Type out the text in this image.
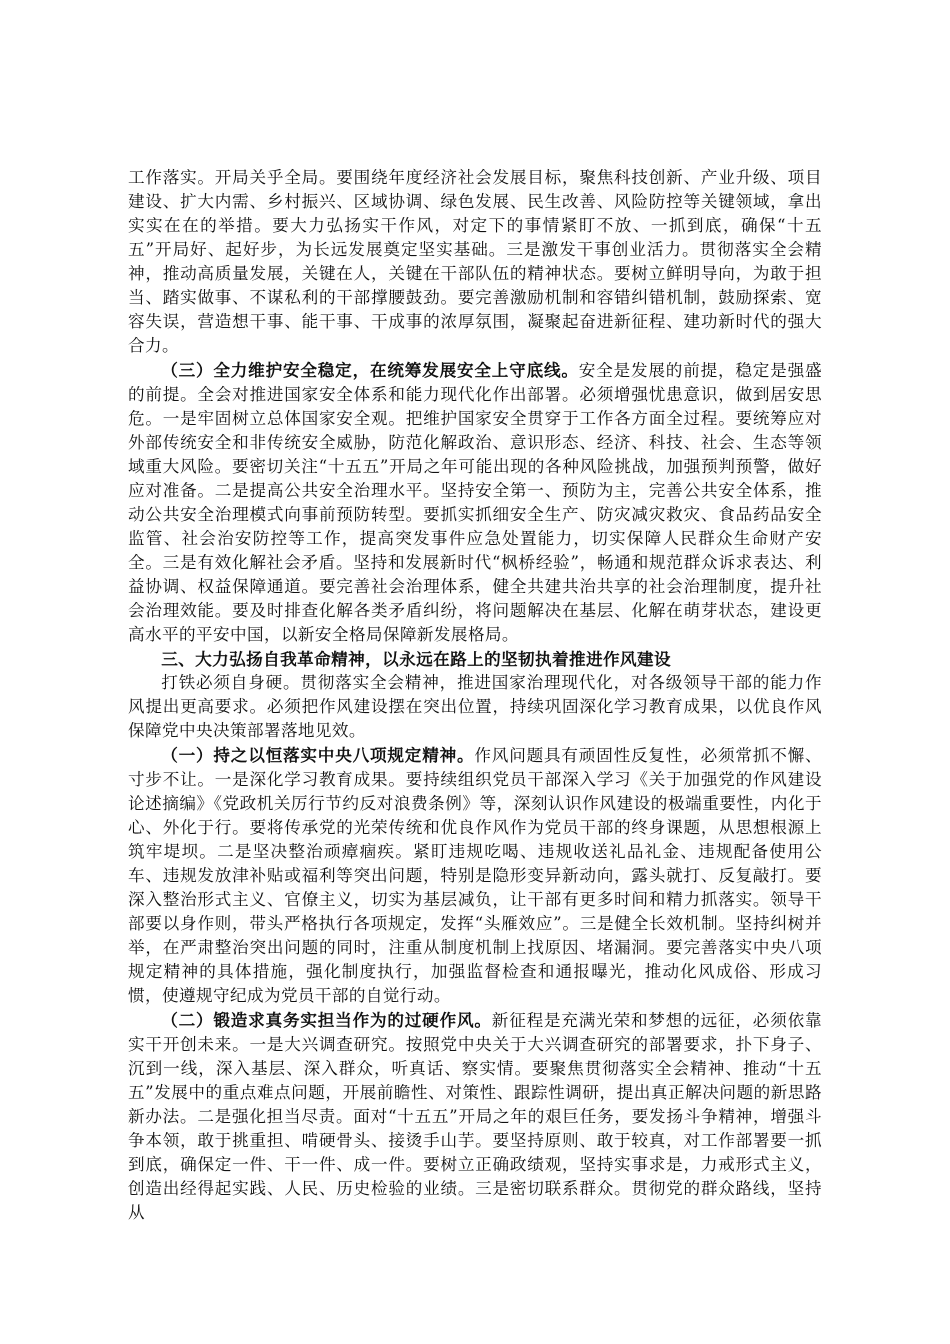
工作落实。开局关乎全局。要围绕年度经济社会发展目标，聚焦科技创新、产业升级、项目建设、扩大内需、乡村振兴、区域协调、绿色发展、民生改善、风险防控等关键领域，拿出实实在在的举措。要大力弘扬实干作风，对定下的事情紧盯不放、一抓到底，确保“十五五”开局好、起好步，为长远发展奠定坚实基础。三是激发干事创业活力。贯彻落实全会精神，推动高质量发展，关键在人，关键在干部队伍的精神状态。要树立鲜明导向，为敢于担当、踏实做事、不谋私利的干部撑腰鼓劲。要完善激励机制和容错纠错机制，鼓励探索、宽容失误，营造想干事、能干事、干成事的浓厚氛围，凝聚起奋进新征程、建功新时代的强大合力。

（三）全力维护安全稳定，在统筹发展安全上守底线。安全是发展的前提，稳定是强盛的前提。全会对推进国家安全体系和能力现代化作出部署。必须增强忧患意识，做到居安思危。一是牢固树立总体国家安全观。把维护国家安全贯穿于工作各方面全过程。要统筹应对外部传统安全和非传统安全威胁，防范化解政治、意识形态、经济、科技、社会、生态等领域重大风险。要密切关注“十五五”开局之年可能出现的各种风险挑战，加强预判预警，做好应对准备。二是提高公共安全治理水平。坚持安全第一、预防为主，完善公共安全体系，推动公共安全治理模式向事前预防转型。要抓实抓细安全生产、防灾减灾救灾、食品药品安全监管、社会治安防控等工作，提高突发事件应急处置能力，切实保障人民群众生命财产安全。三是有效化解社会矛盾。坚持和发展新时代“枫桥经验”，畅通和规范群众诉求表达、利益协调、权益保障通道。要完善社会治理体系，健全共建共治共享的社会治理制度，提升社会治理效能。要及时排查化解各类矛盾纠纷，将问题解决在基层、化解在萌芽状态，建设更高水平的平安中国，以新安全格局保障新发展格局。

三、大力弘扬自我革命精神，以永远在路上的坚韧执着推进作风建设

打铁必须自身硬。贯彻落实全会精神，推进国家治理现代化，对各级领导干部的能力作风提出更高要求。必须把作风建设摆在突出位置，持续巩固深化学习教育成果，以优良作风保障党中央决策部署落地见效。

（一）持之以恒落实中央八项规定精神。作风问题具有顽固性反复性，必须常抓不懈、寸步不让。一是深化学习教育成果。要持续组织党员干部深入学习《关于加强党的作风建设论述摘编》《党政机关厉行节约反对浪费条例》等，深刻认识作风建设的极端重要性，内化于心、外化于行。要将传承党的光荣传统和优良作风作为党员干部的终身课题，从思想根源上筑牢堤坝。二是坚决整治顽瘴痼疾。紧盯违规吃喝、违规收送礼品礼金、违规配备使用公车、违规发放津补贴或福利等突出问题，特别是隐形变异新动向，露头就打、反复敲打。要深入整治形式主义、官僚主义，切实为基层减负，让干部有更多时间和精力抓落实。领导干部要以身作则，带头严格执行各项规定，发挥“头雁效应”。三是健全长效机制。坚持纠树并举，在严肃整治突出问题的同时，注重从制度机制上找原因、堵漏洞。要完善落实中央八项规定精神的具体措施，强化制度执行，加强监督检查和通报曝光，推动化风成俗、形成习惯，使遵规守纪成为党员干部的自觉行动。

（二）锻造求真务实担当作为的过硬作风。新征程是充满光荣和梦想的远征，必须依靠实干开创未来。一是大兴调查研究。按照党中央关于大兴调查研究的部署要求，扑下身子、沉到一线，深入基层、深入群众，听真话、察实情。要聚焦贯彻落实全会精神、推动“十五五”发展中的重点难点问题，开展前瞻性、对策性、跟踪性调研，提出真正解决问题的新思路新办法。二是强化担当尽责。面对“十五五”开局之年的艰巨任务，要发扬斗争精神，增强斗争本领，敢于挑重担、啃硬骨头、接烫手山芋。要坚持原则、敢于较真，对工作部署要一抓到底，确保定一件、干一件、成一件。要树立正确政绩观，坚持实事求是，力戒形式主义，创造出经得起实践、人民、历史检验的业绩。三是密切联系群众。贯彻党的群众路线，坚持从
